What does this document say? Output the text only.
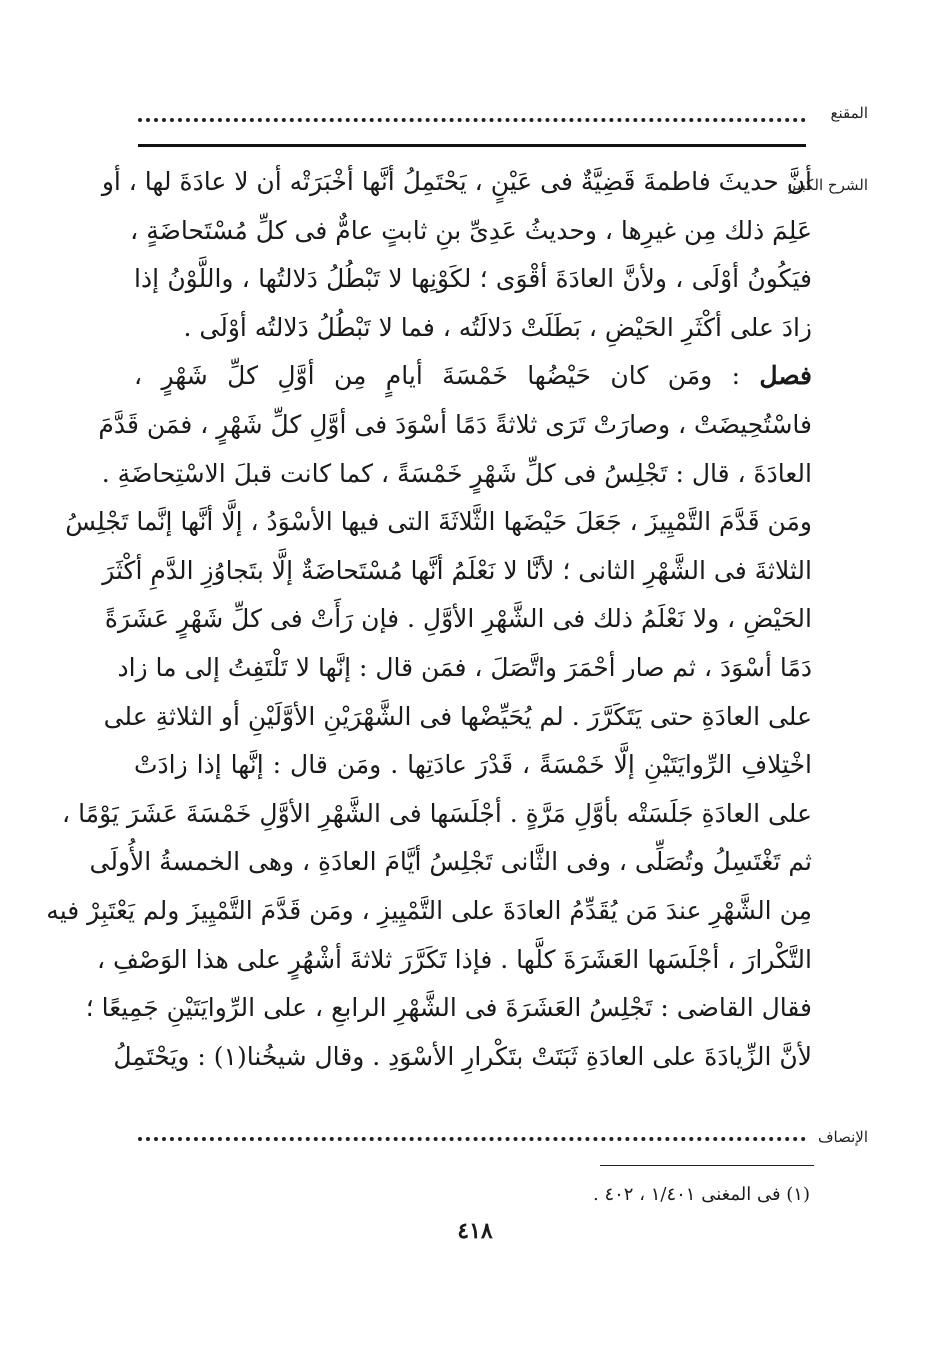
المقنع
الشرح الكبير
أنَّ حديثَ فاطمةَ قَضِيَّةٌ فى عَيْنٍ ، يَحْتَمِلُ أنَّها أخْبَرَتْه أن لا عادَةَ لها ، أو
عَلِمَ ذلك مِن غيرِها ، وحديثُ عَدِىِّ بنِ ثابتٍ عامٌّ فى كلِّ مُسْتَحاضَةٍ ،
فيَكُونُ أوْلَى ، ولأنَّ العادَةَ أقْوَى ؛ لكَوْنِها لا تَبْطُلُ دَلالتُها ، واللَّوْنُ إذا
زادَ على أكْثَرِ الحَيْضِ ، بَطَلَتْ دَلالَتُه ، فما لا تَبْطُلُ دَلالتُه أوْلَى .
فصل : ومَن كان حَيْضُها خَمْسَةَ أيامٍ مِن أوَّلِ كلِّ شَهْرٍ ،
فاسْتُحِيضَتْ ، وصارَتْ تَرَى ثلاثةً دَمًا أسْوَدَ فى أوَّلِ كلِّ شَهْرٍ ، فمَن قَدَّمَ
العادَةَ ، قال : تَجْلِسُ فى كلِّ شَهْرٍ خَمْسَةً ، كما كانت قبلَ الاسْتِحاضَةِ .
ومَن قَدَّمَ التَّمْيِيزَ ، جَعَلَ حَيْضَها الثَّلاثَةَ التى فيها الأسْوَدُ ، إلَّا أنَّها إنَّما تَجْلِسُ
الثلاثةَ فى الشَّهْرِ الثانى ؛ لأنَّا لا نَعْلَمُ أنَّها مُسْتَحاضَةٌ إلَّا بتَجاوُزِ الدَّمِ أكْثَرَ
الحَيْضِ ، ولا نَعْلَمُ ذلك فى الشَّهْرِ الأوَّلِ . فإن رَأَتْ فى كلِّ شَهْرٍ عَشَرَةً
دَمًا أسْوَدَ ، ثم صار أحْمَرَ واتَّصَلَ ، فمَن قال : إنَّها لا تَلْتَفِتُ إلى ما زاد
على العادَةِ حتى يَتَكَرَّرَ . لم يُحَيِّضْها فى الشَّهْرَيْنِ الأوَّلَيْنِ أو الثلاثةِ على
اخْتِلافِ الرِّوايَتَيْنِ إلَّا خَمْسَةً ، قَدْرَ عادَتِها . ومَن قال : إنَّها إذا زادَتْ
على العادَةِ جَلَسَتْه بأوَّلِ مَرَّةٍ . أجْلَسَها فى الشَّهْرِ الأوَّلِ خَمْسَةَ عَشَرَ يَوْمًا ،
ثم تَغْتَسِلُ وتُصَلِّى ، وفى الثَّانى تَجْلِسُ أيَّامَ العادَةِ ، وهى الخمسةُ الأُولَى
مِن الشَّهْرِ عندَ مَن يُقَدِّمُ العادَةَ على التَّمْيِيزِ ، ومَن قَدَّمَ التَّمْيِيزَ ولم يَعْتَبِرْ فيه
التَّكْرارَ ، أجْلَسَها العَشَرَةَ كلَّها . فإذا تَكَرَّرَ ثلاثةَ أشْهُرٍ على هذا الوَصْفِ ،
فقال القاضى : تَجْلِسُ العَشَرَةَ فى الشَّهْرِ الرابعِ ، على الرِّوايَتَيْنِ جَمِيعًا ؛
لأنَّ الزِّيادَةَ على العادَةِ ثَبَتَتْ بتَكْرارِ الأسْوَدِ . وقال شيخُنا(١) : ويَحْتَمِلُ
الإنصاف
(١) فى المغنى ١/٤٠١ ، ٤٠٢ .
٤١٨
